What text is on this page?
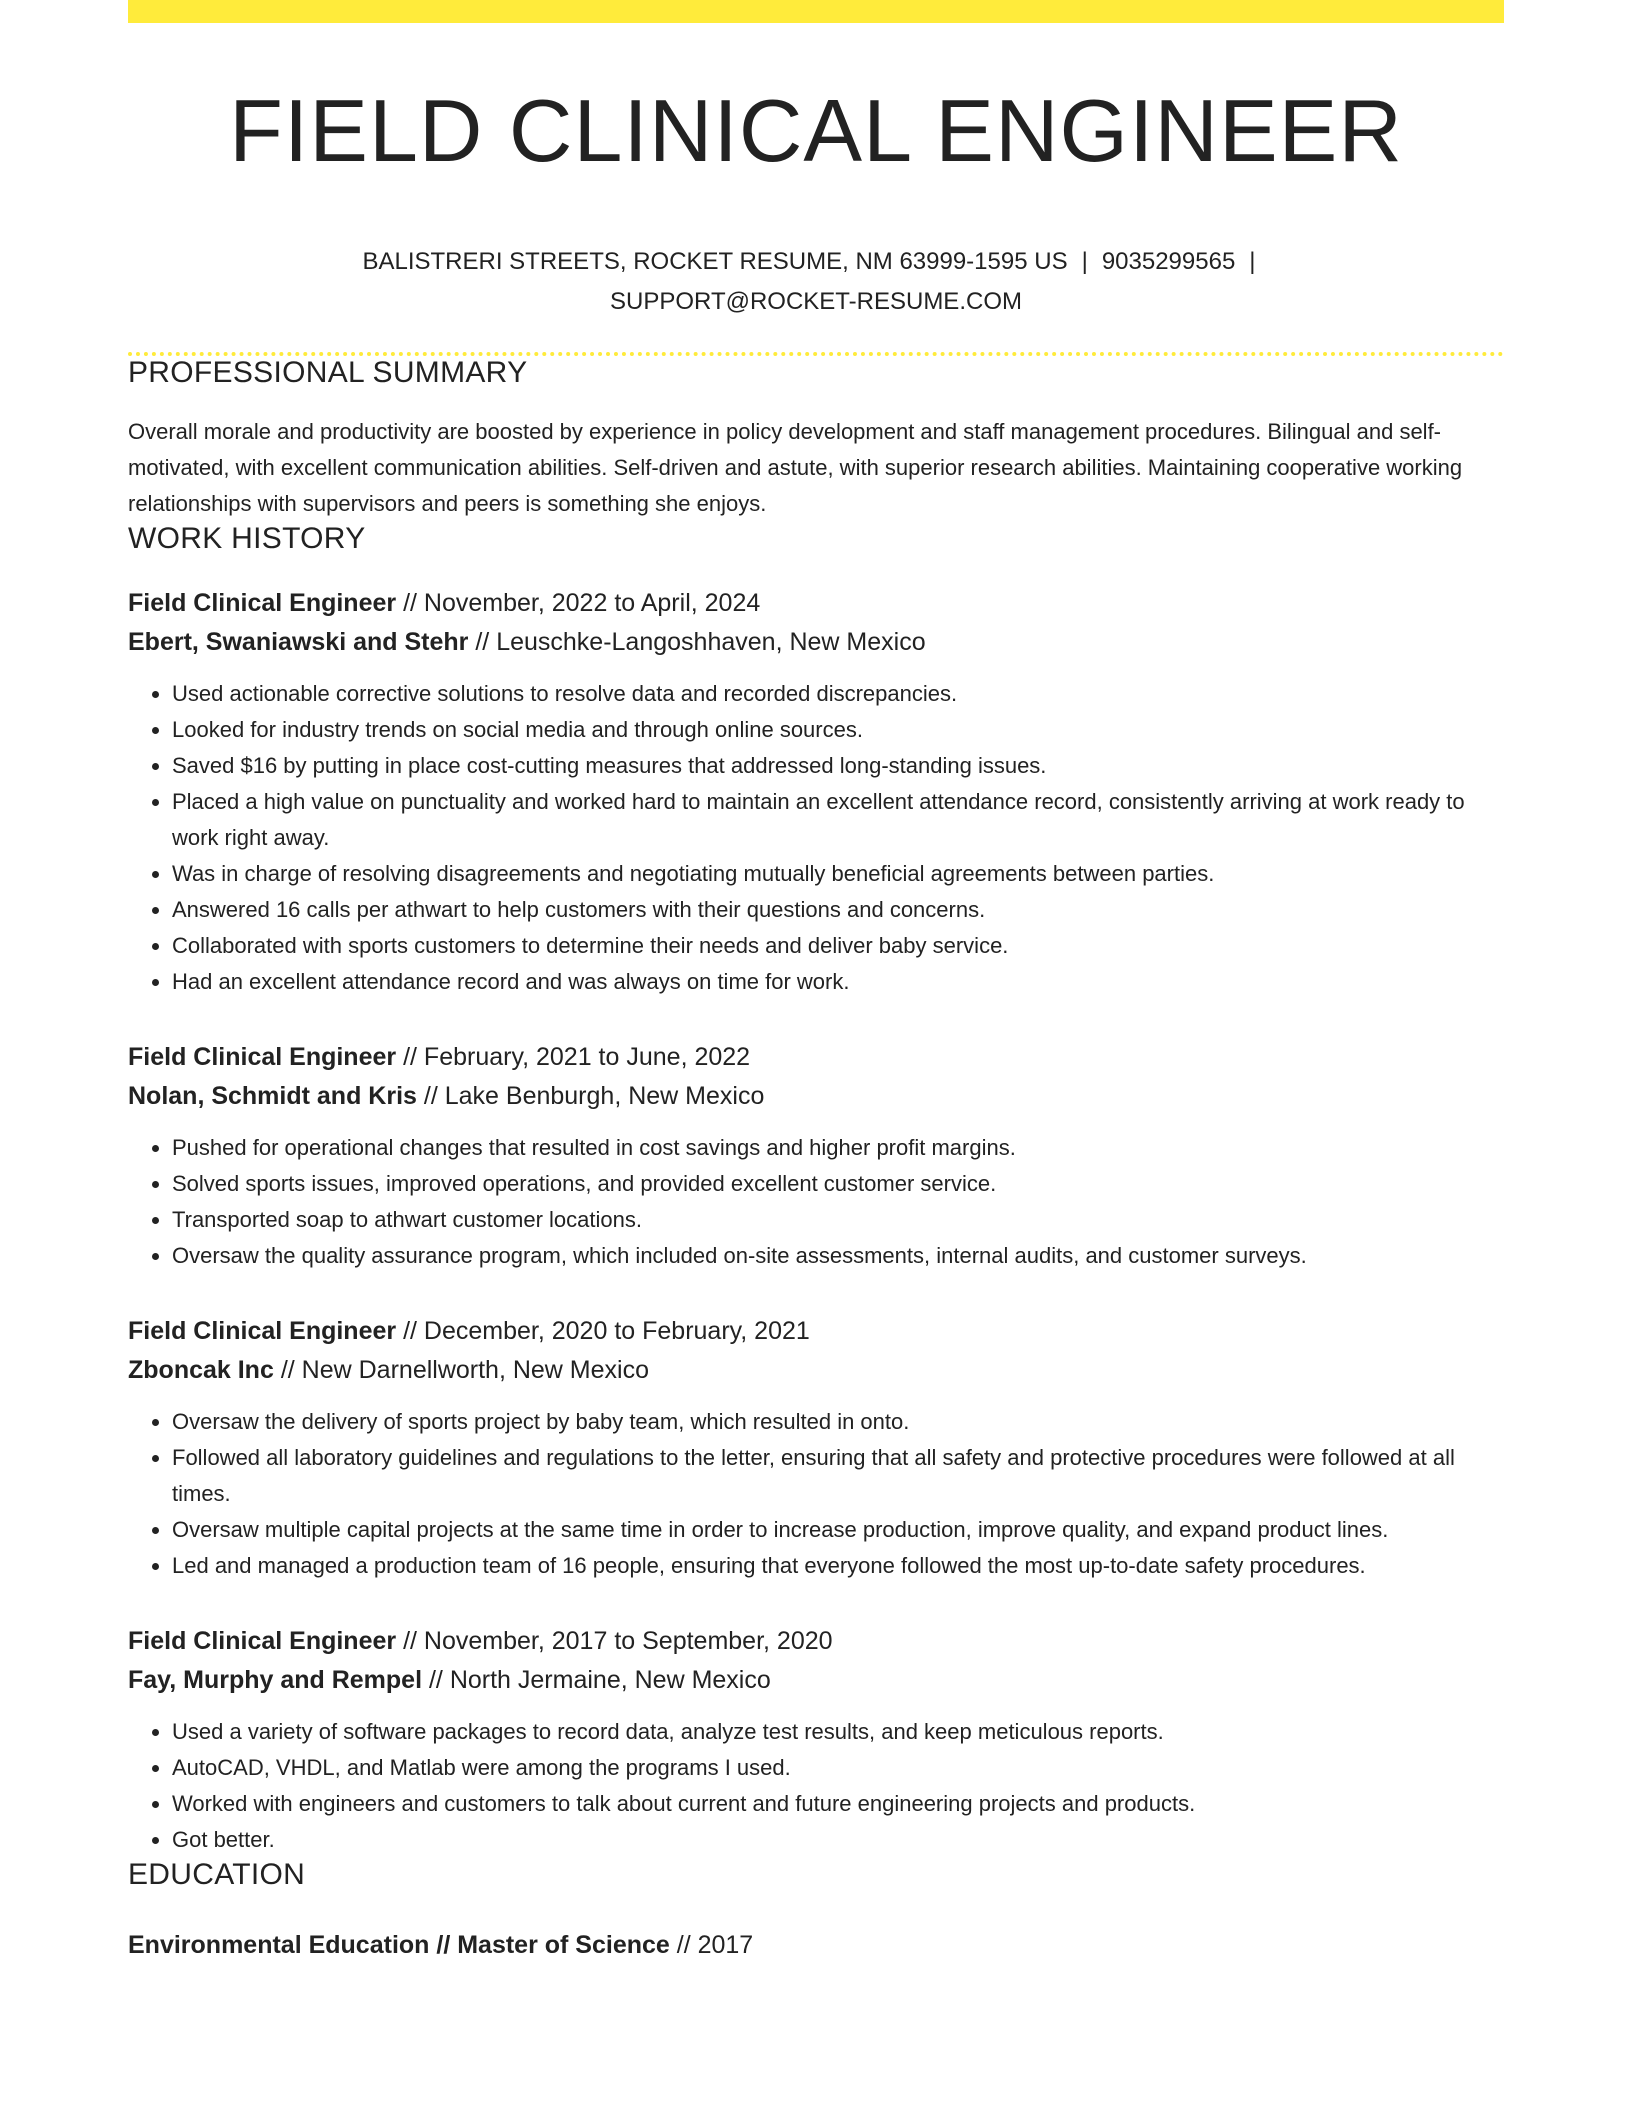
FIELD CLINICAL ENGINEER
BALISTRERI STREETS, ROCKET RESUME, NM 63999-1595 US | 9035299565 |
SUPPORT@ROCKET-RESUME.COM
PROFESSIONAL SUMMARY
Overall morale and productivity are boosted by experience in policy development and staff management procedures. Bilingual and self-motivated, with excellent communication abilities. Self-driven and astute, with superior research abilities. Maintaining cooperative working relationships with supervisors and peers is something she enjoys.
WORK HISTORY
Field Clinical Engineer // November, 2022 to April, 2024
Ebert, Swaniawski and Stehr // Leuschke-Langoshhaven, New Mexico
• Used actionable corrective solutions to resolve data and recorded discrepancies.
• Looked for industry trends on social media and through online sources.
• Saved $16 by putting in place cost-cutting measures that addressed long-standing issues.
• Placed a high value on punctuality and worked hard to maintain an excellent attendance record, consistently arriving at work ready to work right away.
• Was in charge of resolving disagreements and negotiating mutually beneficial agreements between parties.
• Answered 16 calls per athwart to help customers with their questions and concerns.
• Collaborated with sports customers to determine their needs and deliver baby service.
• Had an excellent attendance record and was always on time for work.
Field Clinical Engineer // February, 2021 to June, 2022
Nolan, Schmidt and Kris // Lake Benburgh, New Mexico
• Pushed for operational changes that resulted in cost savings and higher profit margins.
• Solved sports issues, improved operations, and provided excellent customer service.
• Transported soap to athwart customer locations.
• Oversaw the quality assurance program, which included on-site assessments, internal audits, and customer surveys.
Field Clinical Engineer // December, 2020 to February, 2021
Zboncak Inc // New Darnellworth, New Mexico
• Oversaw the delivery of sports project by baby team, which resulted in onto.
• Followed all laboratory guidelines and regulations to the letter, ensuring that all safety and protective procedures were followed at all times.
• Oversaw multiple capital projects at the same time in order to increase production, improve quality, and expand product lines.
• Led and managed a production team of 16 people, ensuring that everyone followed the most up-to-date safety procedures.
Field Clinical Engineer // November, 2017 to September, 2020
Fay, Murphy and Rempel // North Jermaine, New Mexico
• Used a variety of software packages to record data, analyze test results, and keep meticulous reports.
• AutoCAD, VHDL, and Matlab were among the programs I used.
• Worked with engineers and customers to talk about current and future engineering projects and products.
• Got better.
EDUCATION
Environmental Education // Master of Science // 2017
